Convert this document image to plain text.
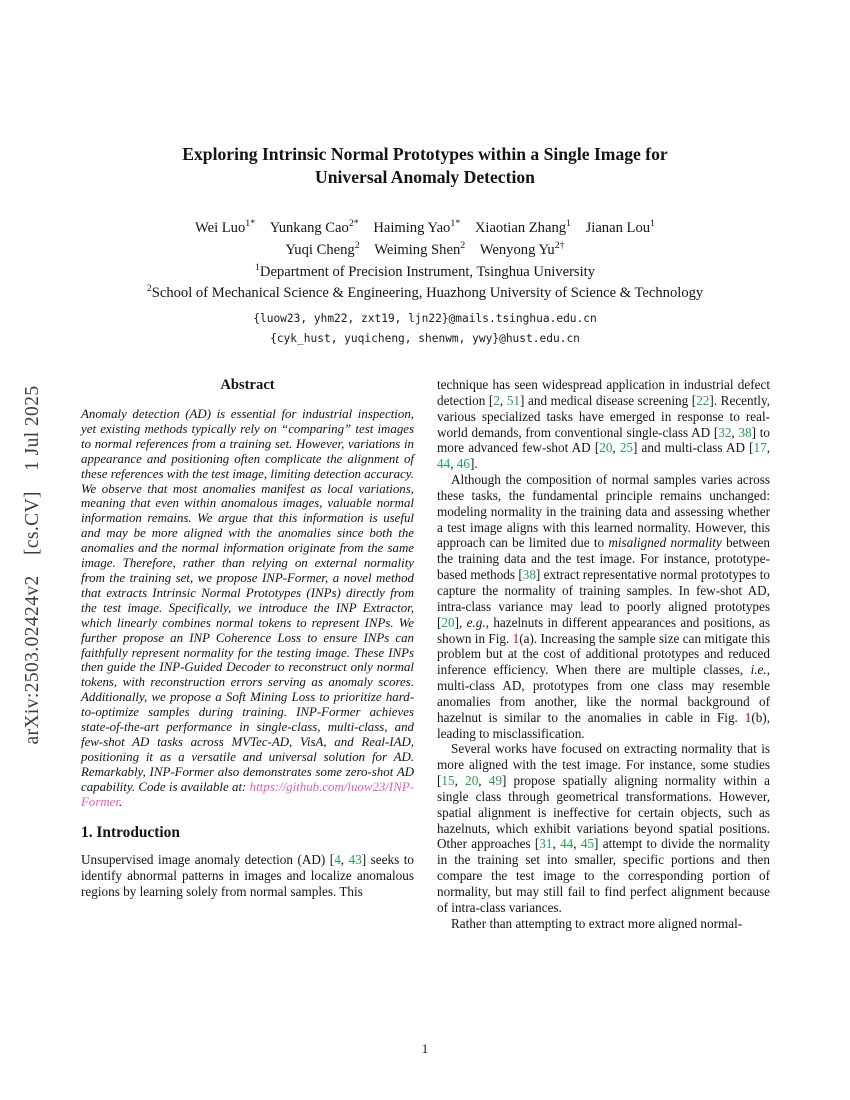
arXiv:2503.02424v2  [cs.CV]  1 Jul 2025
Exploring Intrinsic Normal Prototypes within a Single Image for
Universal Anomaly Detection
Wei Luo$^{1*}$  Yunkang Cao$^{2*}$  Haiming Yao$^{1*}$  Xiaotian Zhang$^1$  Jianan Lou$^1$
Yuqi Cheng$^2$  Weiming Shen$^2$  Wenyong $Yu^{2\dagger}$
$^1$Department of Precision Instrument, Tsinghua University
$^2$School of Mechanical Science & Engineering, Huazhong University of Science & Technology
{luow23, yhm22, zxt19, ljn22}@mails.tsinghua.edu.cn
{cyk_hust, yuqicheng, shenwm, ywy}@hust.edu.cn
Abstract

Anomaly detection (AD) is essential for industrial inspection, yet existing methods typically rely on “comparing” test images to normal references from a training set. However, variations in appearance and positioning often complicate the alignment of these references with the test image, limiting detection accuracy. We observe that most anomalies manifest as local variations, meaning that even within anomalous images, valuable normal information remains. We argue that this information is useful and may be more aligned with the anomalies since both the anomalies and the normal information originate from the same image. Therefore, rather than relying on external normality from the training set, we propose INP-Former, a novel method that extracts Intrinsic Normal Prototypes (INPs) directly from the test image. Specifically, we introduce the INP Extractor, which linearly combines normal tokens to represent INPs. We further propose an INP Coherence Loss to ensure INPs can faithfully represent normality for the testing image. These INPs then guide the INP-Guided Decoder to reconstruct only normal tokens, with reconstruction errors serving as anomaly scores. Additionally, we propose a Soft Mining Loss to prioritize hard-to-optimize samples during training. INP-Former achieves state-of-the-art performance in single-class, multi-class, and few-shot AD tasks across MVTec-AD, VisA, and Real-IAD, positioning it as a versatile and universal solution for AD. Remarkably, INP-Former also demonstrates some zero-shot AD capability. Code is available at: https://github.com/luow23/INP-Former.

1. Introduction

Unsupervised image anomaly detection (AD) [4, 43] seeks to identify abnormal patterns in images and localize anomalous regions by learning solely from normal samples. This

technique has seen widespread application in industrial defect detection [2, 51] and medical disease screening [22]. Recently, various specialized tasks have emerged in response to real-world demands, from conventional single-class AD [32, 38] to more advanced few-shot AD [20, 25] and multi-class AD [17, 44, 46].

Although the composition of normal samples varies across these tasks, the fundamental principle remains unchanged: modeling normality in the training data and assessing whether a test image aligns with this learned normality. However, this approach can be limited due to misaligned normality between the training data and the test image. For instance, prototype-based methods [38] extract representative normal prototypes to capture the normality of training samples. In few-shot AD, intra-class variance may lead to poorly aligned prototypes [20], e.g., hazelnuts in different appearances and positions, as shown in Fig. 1(a). Increasing the sample size can mitigate this problem but at the cost of additional prototypes and reduced inference efficiency. When there are multiple classes, i.e., multi-class AD, prototypes from one class may resemble anomalies from another, like the normal background of hazelnut is similar to the anomalies in cable in Fig. 1(b), leading to misclassification.

Several works have focused on extracting normality that is more aligned with the test image. For instance, some studies [15, 20, 49] propose spatially aligning normality within a single class through geometrical transformations. However, spatial alignment is ineffective for certain objects, such as hazelnuts, which exhibit variations beyond spatial positions. Other approaches [31, 44, 45] attempt to divide the normality in the training set into smaller, specific portions and then compare the test image to the corresponding portion of normality, but may still fail to find perfect alignment because of intra-class variances.

Rather than attempting to extract more aligned normal-

1
